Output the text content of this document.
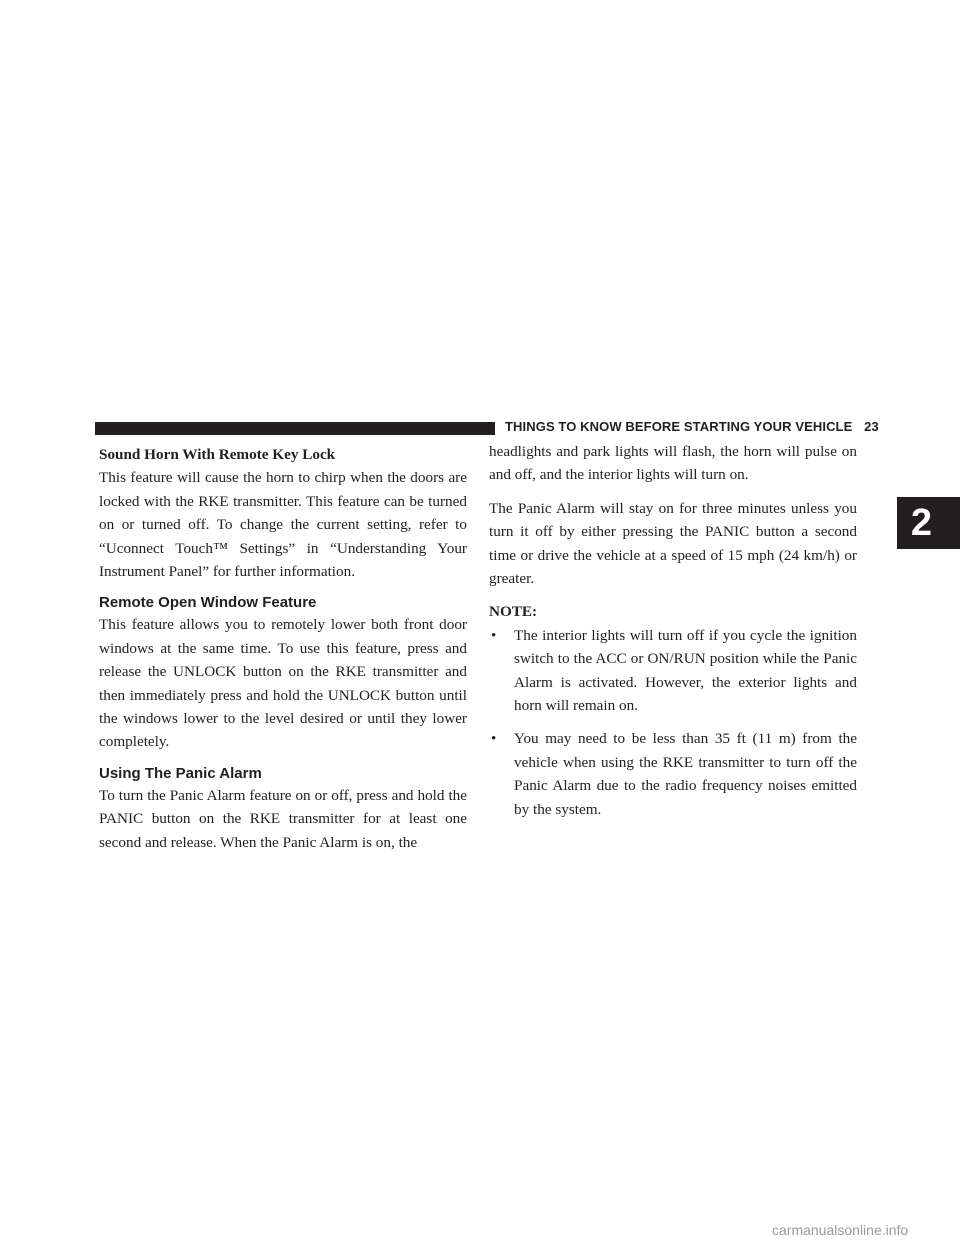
THINGS TO KNOW BEFORE STARTING YOUR VEHICLE 23
2
Sound Horn With Remote Key Lock

This feature will cause the horn to chirp when the doors are locked with the RKE transmitter. This feature can be turned on or turned off. To change the current setting, refer to “Uconnect Touch™ Settings” in “Understanding Your Instrument Panel” for further information.

Remote Open Window Feature

This feature allows you to remotely lower both front door windows at the same time. To use this feature, press and release the UNLOCK button on the RKE transmitter and then immediately press and hold the UNLOCK button until the windows lower to the level desired or until they lower completely.

Using The Panic Alarm

To turn the Panic Alarm feature on or off, press and hold the PANIC button on the RKE transmitter for at least one second and release. When the Panic Alarm is on, the

headlights and park lights will flash, the horn will pulse on and off, and the interior lights will turn on.

The Panic Alarm will stay on for three minutes unless you turn it off by either pressing the PANIC button a second time or drive the vehicle at a speed of 15 mph (24 km/h) or greater.

NOTE:
• The interior lights will turn off if you cycle the ignition switch to the ACC or ON/RUN position while the Panic Alarm is activated. However, the exterior lights and horn will remain on.
• You may need to be less than 35 ft (11 m) from the vehicle when using the RKE transmitter to turn off the Panic Alarm due to the radio frequency noises emitted by the system.
carmanualsonline.info
